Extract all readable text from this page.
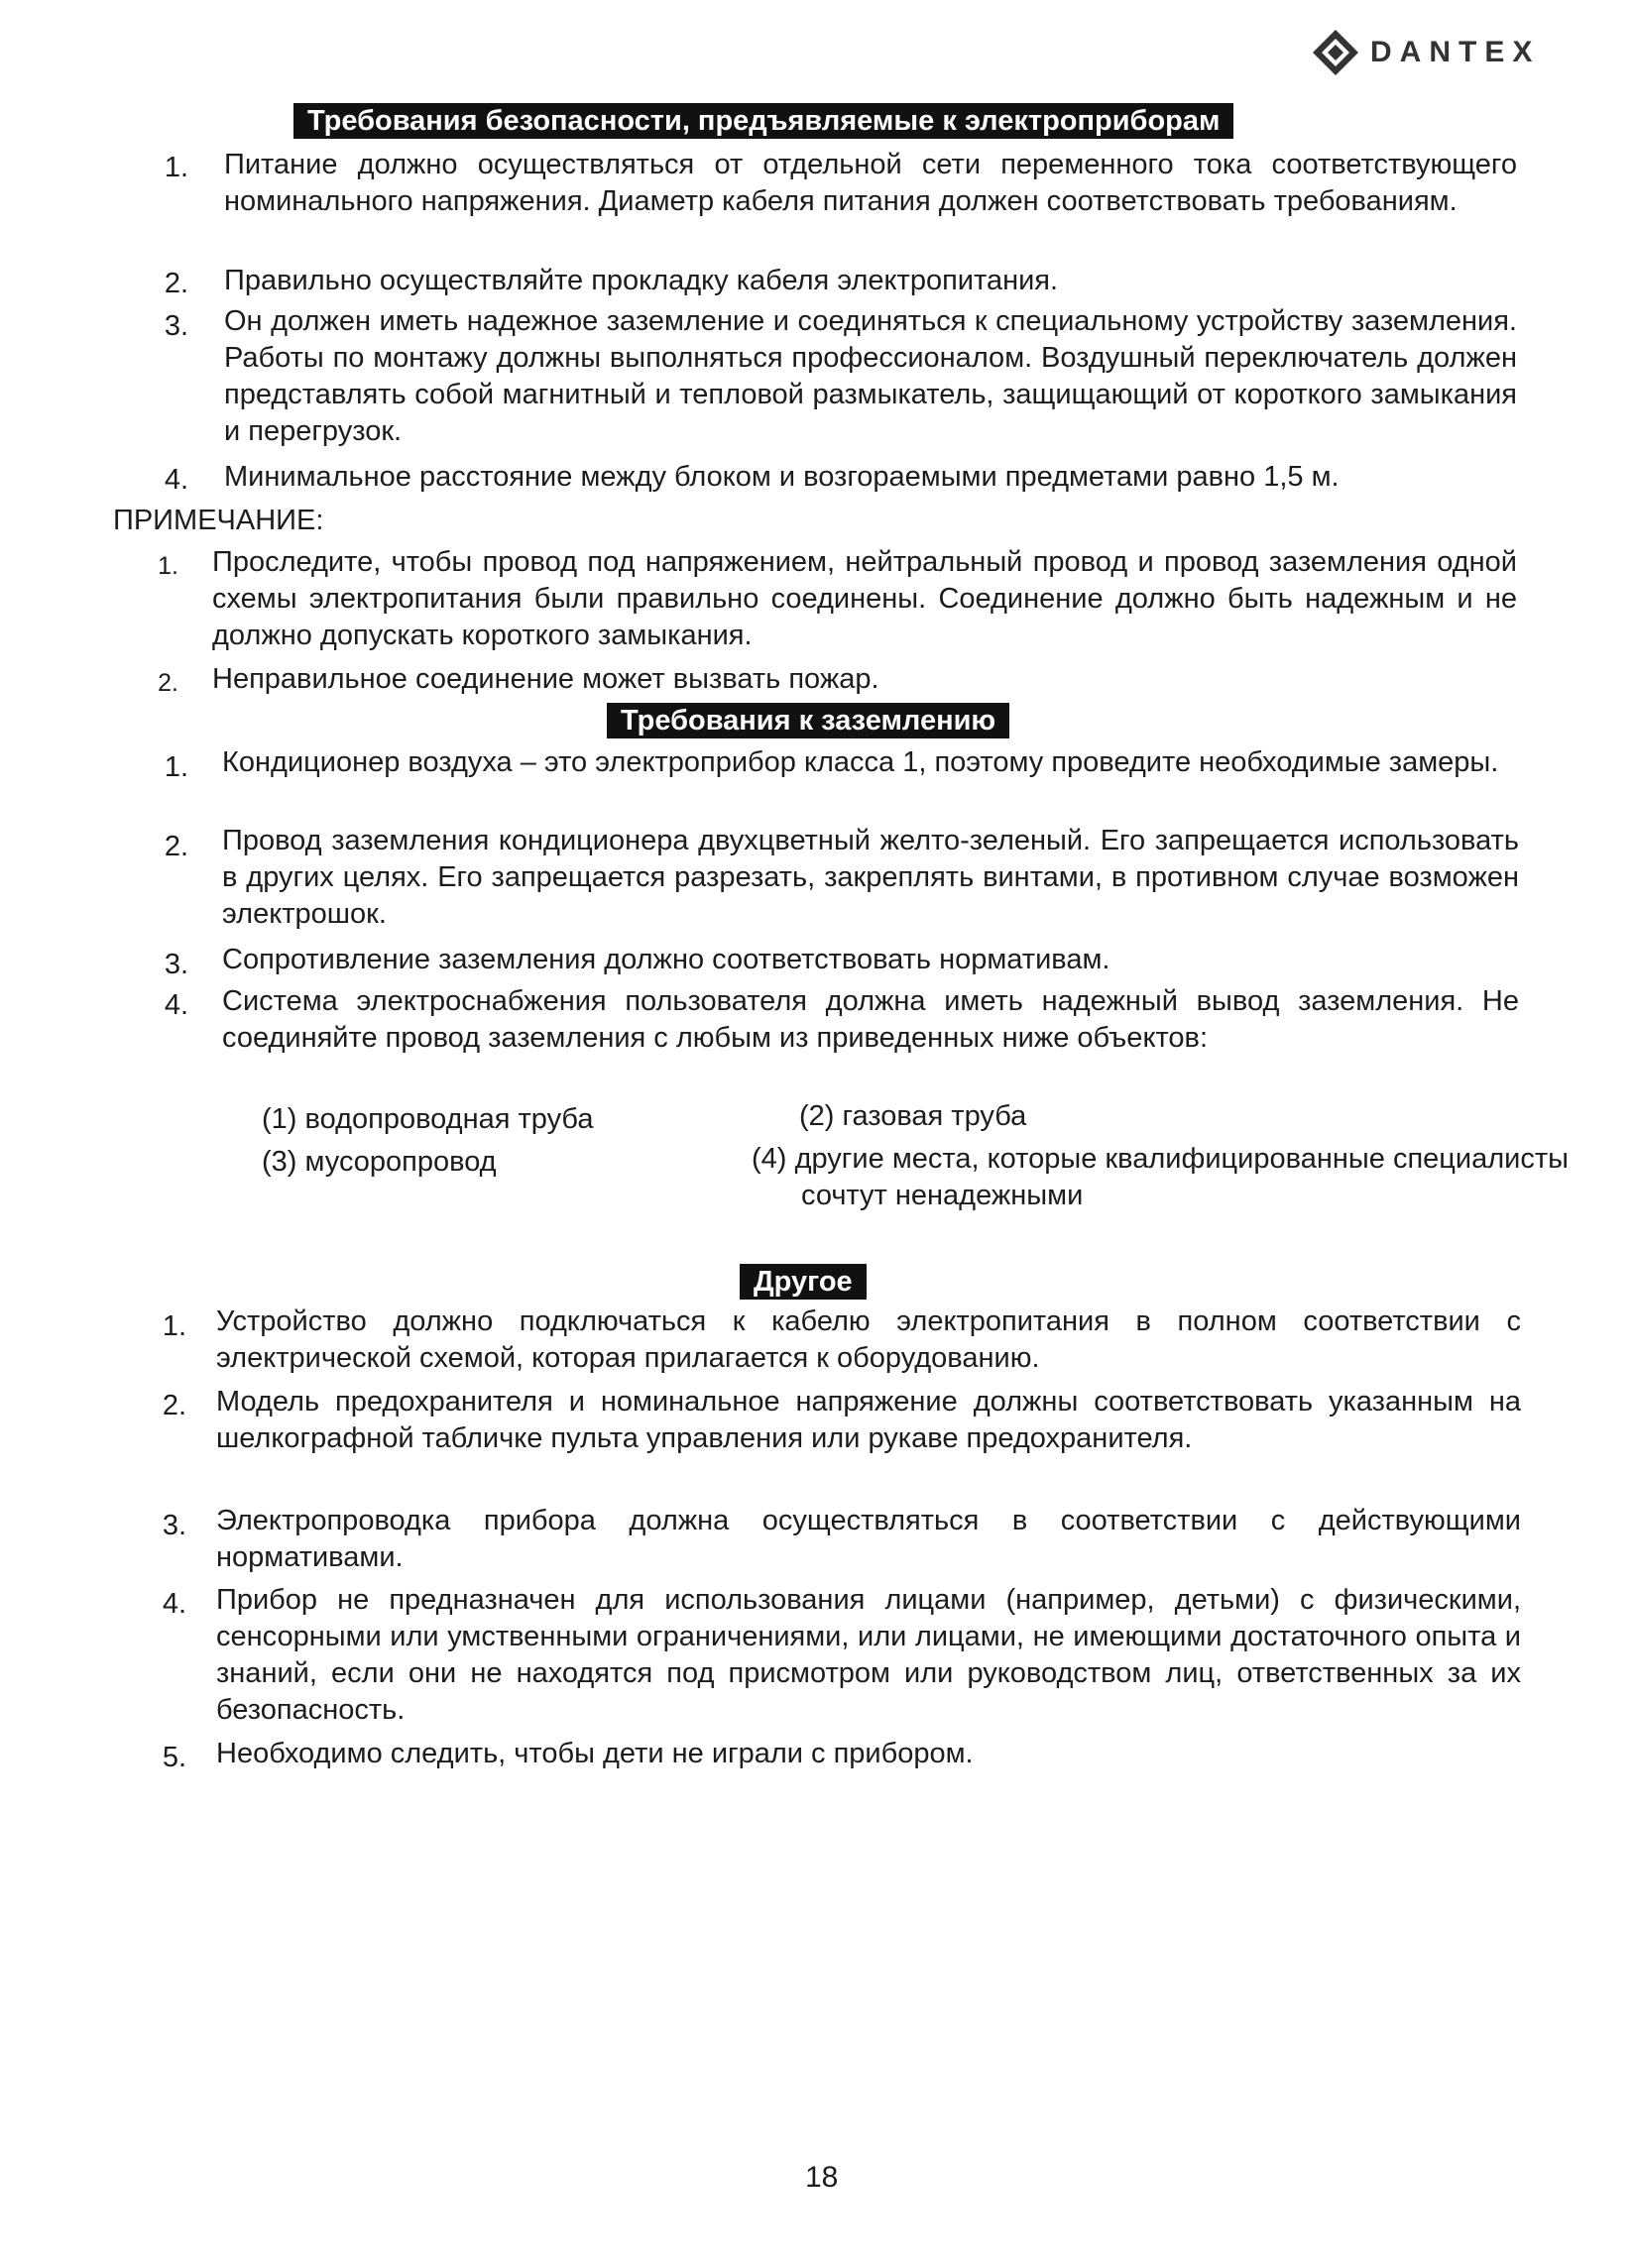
DANTEX
Требования безопасности, предъявляемые к электроприборам
1. Питание должно осуществляться от отдельной сети переменного тока соответствующего номинального напряжения. Диаметр кабеля питания должен соответствовать требованиям.
2. Правильно осуществляйте прокладку кабеля электропитания.
3. Он должен иметь надежное заземление и соединяться к специальному устройству заземления. Работы по монтажу должны выполняться профессионалом. Воздушный переключатель должен представлять собой магнитный и тепловой размыкатель, защищающий от короткого замыкания и перегрузок.
4. Минимальное расстояние между блоком и возгораемыми предметами равно 1,5 м.
ПРИМЕЧАНИЕ:
1. Проследите, чтобы провод под напряжением, нейтральный провод и провод заземления одной схемы электропитания были правильно соединены. Соединение должно быть надежным и не должно допускать короткого замыкания.
2. Неправильное соединение может вызвать пожар.
Требования к заземлению
1. Кондиционер воздуха – это электроприбор класса 1, поэтому проведите необходимые замеры.
2. Провод заземления кондиционера двухцветный желто-зеленый. Его запрещается использовать в других целях. Его запрещается разрезать, закреплять винтами, в противном случае возможен электрошок.
3. Сопротивление заземления должно соответствовать нормативам.
4. Система электроснабжения пользователя должна иметь надежный вывод заземления. Не соединяйте провод заземления с любым из приведенных ниже объектов:
(1) водопроводная труба	(2) газовая труба
(3) мусоропровод	(4) другие места, которые квалифицированные специалисты сочтут ненадежными
Другое
1. Устройство должно подключаться к кабелю электропитания в полном соответствии с электрической схемой, которая прилагается к оборудованию.
2. Модель предохранителя и номинальное напряжение должны соответствовать указанным на шелкографной табличке пульта управления или рукаве предохранителя.
3. Электропроводка прибора должна осуществляться в соответствии с действующими нормативами.
4. Прибор не предназначен для использования лицами (например, детьми) с физическими, сенсорными или умственными ограничениями, или лицами, не имеющими достаточного опыта и знаний, если они не находятся под присмотром или руководством лиц, ответственных за их безопасность.
5. Необходимо следить, чтобы дети не играли с прибором.
18
